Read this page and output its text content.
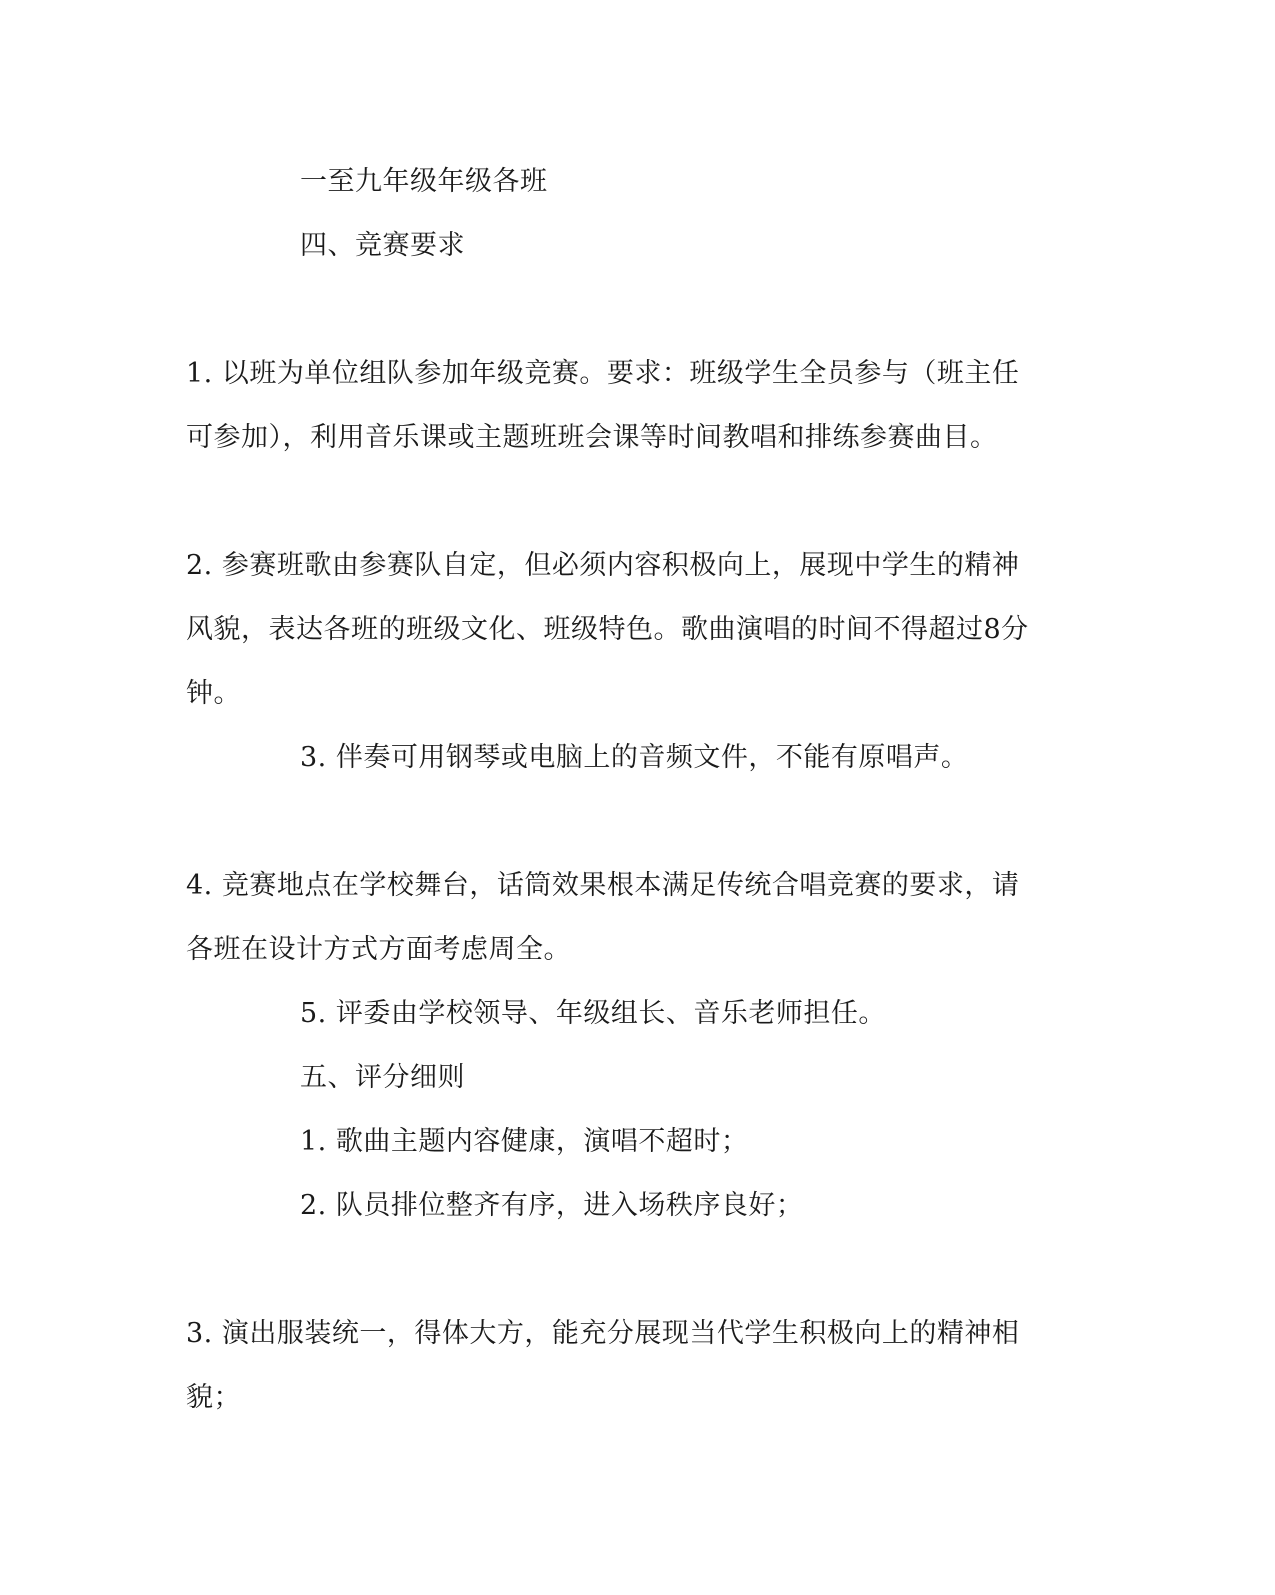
一至九年级年级各班
四、竞赛要求
1. 以班为单位组队参加年级竞赛。要求：班级学生全员参与（班主任
可参加），利用音乐课或主题班班会课等时间教唱和排练参赛曲目。
2. 参赛班歌由参赛队自定，但必须内容积极向上，展现中学生的精神
风貌，表达各班的班级文化、班级特色。歌曲演唱的时间不得超过8分
钟。
3. 伴奏可用钢琴或电脑上的音频文件，不能有原唱声。
4. 竞赛地点在学校舞台，话筒效果根本满足传统合唱竞赛的要求，请
各班在设计方式方面考虑周全。
5. 评委由学校领导、年级组长、音乐老师担任。
五、评分细则
1. 歌曲主题内容健康，演唱不超时；
2. 队员排位整齐有序，进入场秩序良好；
3. 演出服装统一，得体大方，能充分展现当代学生积极向上的精神相
貌；
